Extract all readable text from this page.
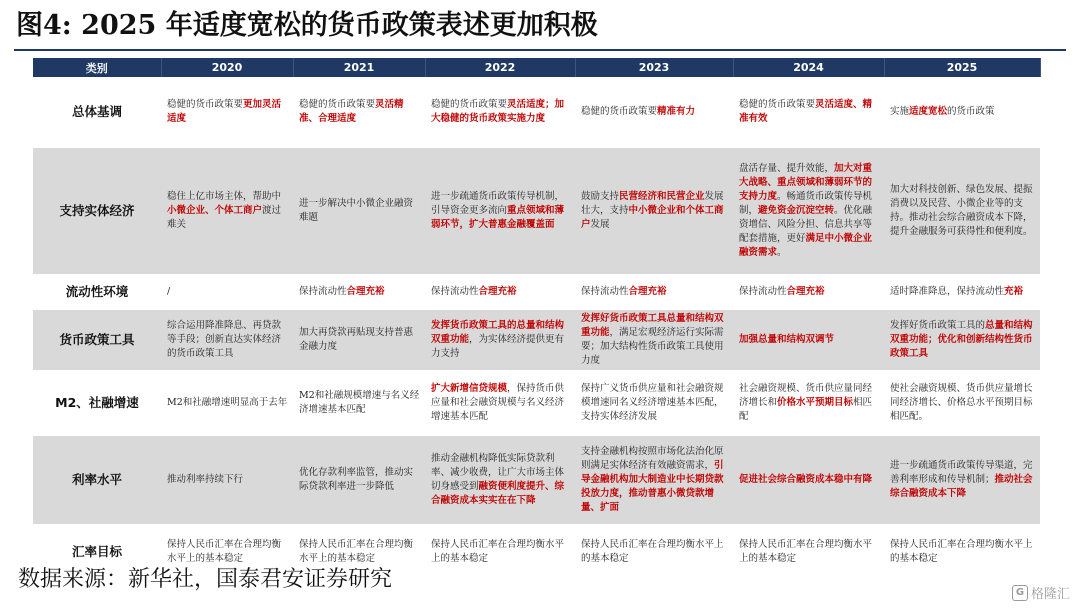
图4: 2025 年适度宽松的货币政策表述更加积极
类别	2020	2021	2022	2023	2024	2025
总体基调	稳健的货币政策要更加灵活适度	稳健的货币政策要灵活精准、合理适度	稳健的货币政策要灵活适度；加大稳健的货币政策实施力度	稳健的货币政策要精准有力	稳健的货币政策要灵活适度、精准有效	实施适度宽松的货币政策
支持实体经济	稳住上亿市场主体，帮助中小微企业、个体工商户渡过难关	进一步解决中小微企业融资难题	进一步疏通货币政策传导机制，引导资金更多流向重点领域和薄弱环节，扩大普惠金融覆盖面	鼓励支持民营经济和民营企业发展壮大，支持中小微企业和个体工商户发展	盘活存量、提升效能，加大对重大战略、重点领域和薄弱环节的支持力度。畅通货币政策传导机制，避免资金沉淀空转。优化融资增信、风险分担、信息共享等配套措施，更好满足中小微企业融资需求。	加大对科技创新、绿色发展、提振消费以及民营、小微企业等的支持。推动社会综合融资成本下降，提升金融服务可获得性和便利度。
流动性环境	/	保持流动性合理充裕	保持流动性合理充裕	保持流动性合理充裕	保持流动性合理充裕	适时降准降息，保持流动性充裕
货币政策工具	综合运用降准降息、再贷款等手段；创新直达实体经济的货币政策工具	加大再贷款再贴现支持普惠金融力度	发挥货币政策工具的总量和结构双重功能，为实体经济提供更有力支持	发挥好货币政策工具总量和结构双重功能，满足宏观经济运行实际需要；加大结构性货币政策工具使用力度	加强总量和结构双调节	发挥好货币政策工具的总量和结构双重功能；优化和创新结构性货币政策工具
M2、社融增速	M2和社融增速明显高于去年	M2和社融规模增速与名义经济增速基本匹配	扩大新增信贷规模，保持货币供应量和社会融资规模与名义经济增速基本匹配	保持广义货币供应量和社会融资规模增速同名义经济增速基本匹配，支持实体经济发展	社会融资规模、货币供应量同经济增长和价格水平预期目标相匹配	使社会融资规模、货币供应量增长同经济增长、价格总水平预期目标相匹配。
利率水平	推动利率持续下行	优化存款利率监管，推动实际贷款利率进一步降低	推动金融机构降低实际贷款利率、减少收费，让广大市场主体切身感受到融资便利度提升、综合融资成本实实在在下降	支持金融机构按照市场化法治化原则满足实体经济有效融资需求，引导金融机构加大制造业中长期贷款投放力度，推动普惠小微贷款增量、扩面	促进社会综合融资成本稳中有降	进一步疏通货币政策传导渠道，完善利率形成和传导机制；推动社会综合融资成本下降
汇率目标	保持人民币汇率在合理均衡水平上的基本稳定	保持人民币汇率在合理均衡水平上的基本稳定	保持人民币汇率在合理均衡水平上的基本稳定	保持人民币汇率在合理均衡水平上的基本稳定	保持人民币汇率在合理均衡水平上的基本稳定	保持人民币汇率在合理均衡水平上的基本稳定
数据来源：新华社，国泰君安证券研究	G 格隆汇
